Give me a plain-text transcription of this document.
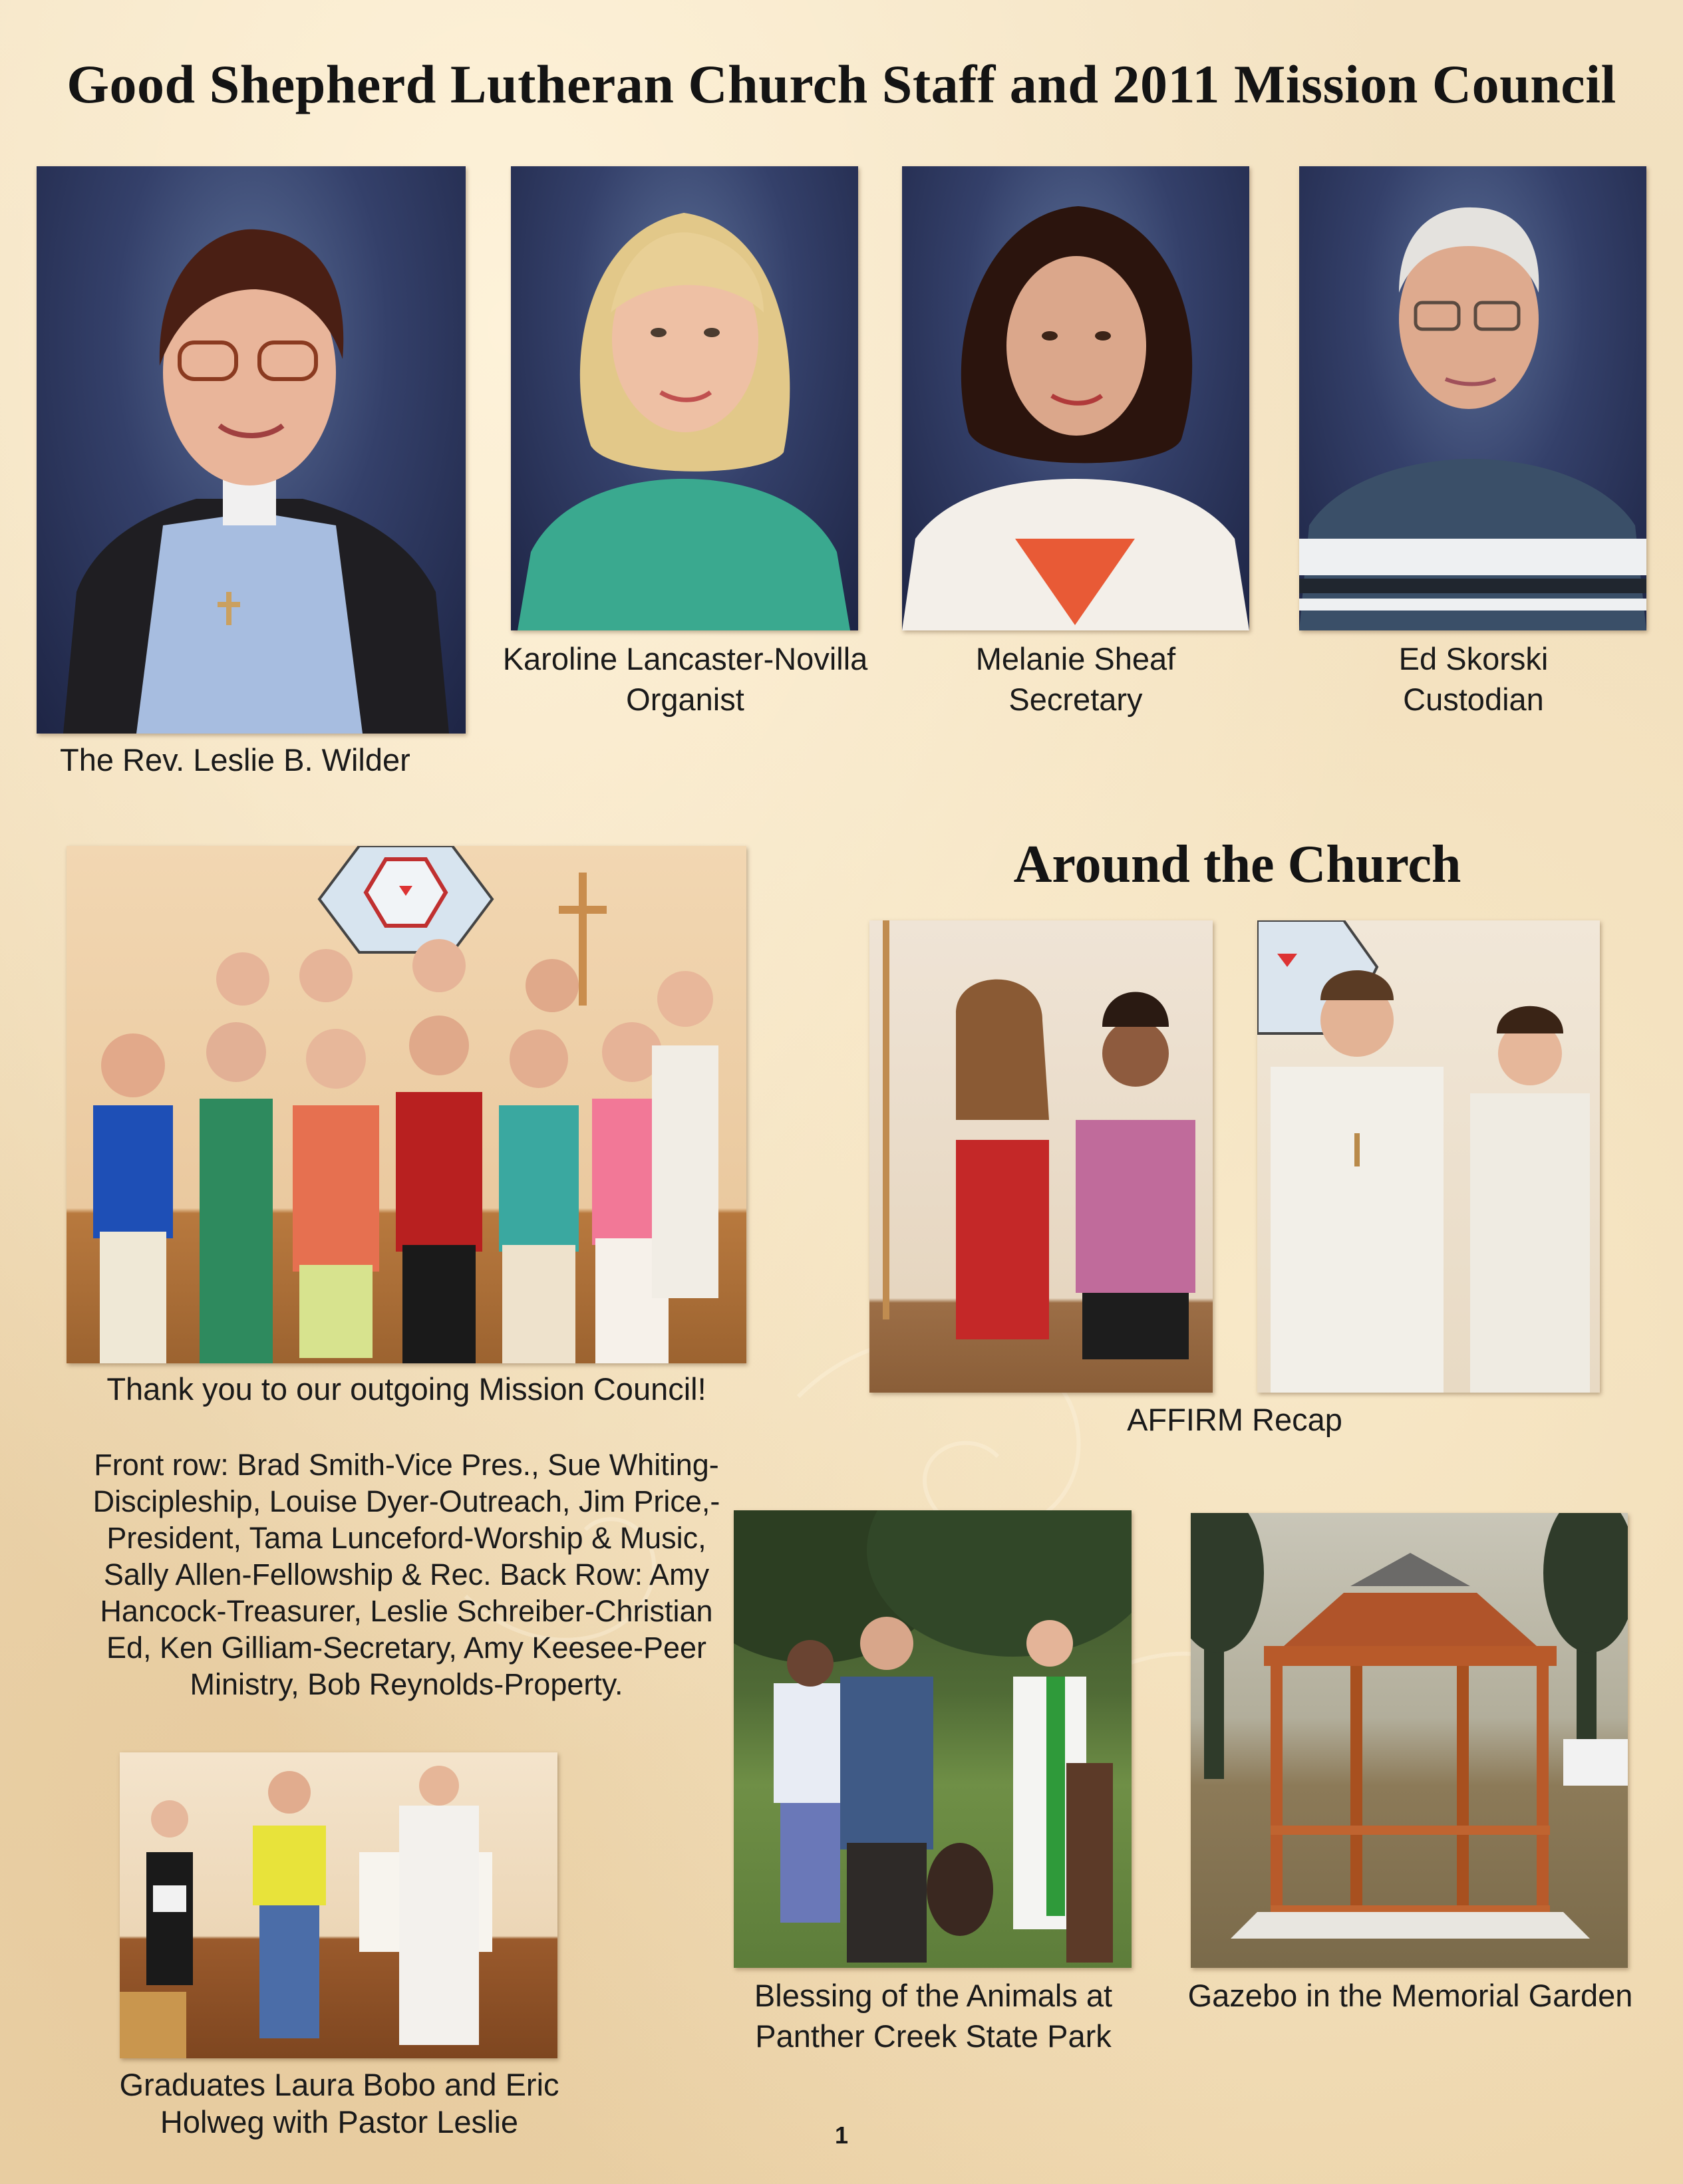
Good Shepherd Lutheran Church Staff and 2011 Mission Council
The Rev. Leslie B. Wilder
Karoline Lancaster-Novilla
Organist
Melanie Sheaf
Secretary
Ed Skorski
Custodian
Thank you to our outgoing Mission Council!
Front row: Brad Smith-Vice Pres., Sue Whiting-
Discipleship, Louise Dyer-Outreach, Jim Price,-
President, Tama Lunceford-Worship & Music,
Sally Allen-Fellowship & Rec. Back Row: Amy
Hancock-Treasurer, Leslie Schreiber-Christian
Ed, Ken Gilliam-Secretary, Amy Keesee-Peer
Ministry, Bob Reynolds-Property.
Around the Church
AFFIRM Recap
Graduates Laura Bobo and Eric
Holweg with Pastor Leslie
Blessing of the Animals at
Panther Creek State Park
Gazebo in the Memorial Garden
1
